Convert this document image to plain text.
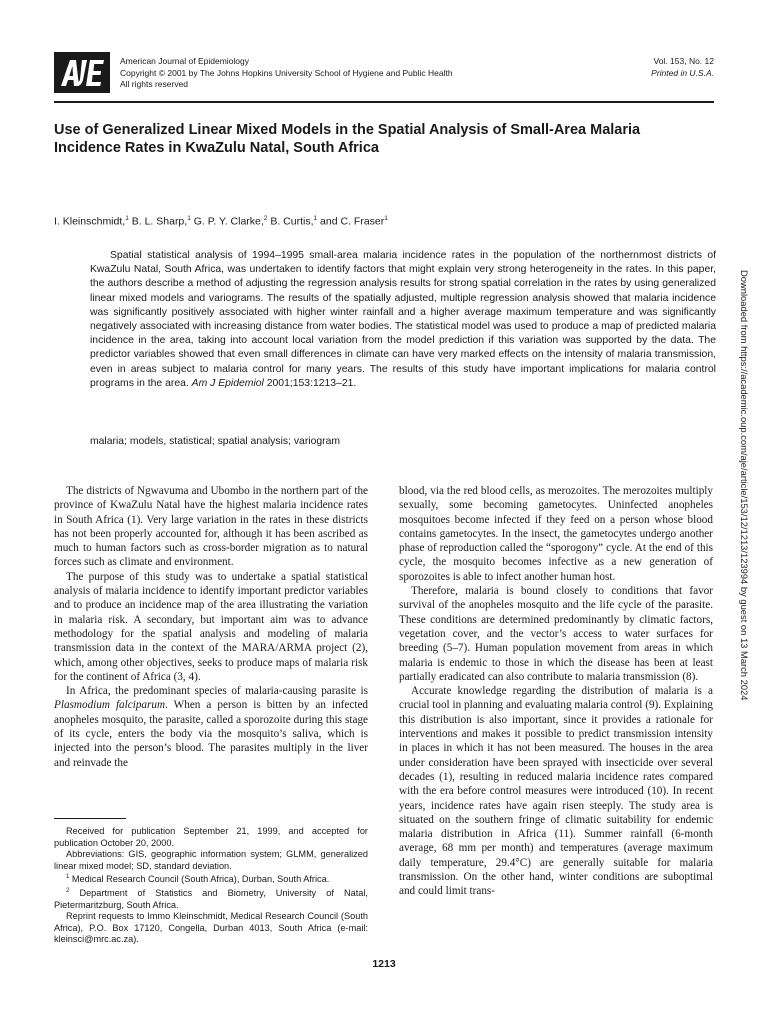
American Journal of Epidemiology
Copyright © 2001 by The Johns Hopkins University School of Hygiene and Public Health
All rights reserved
Vol. 153, No. 12
Printed in U.S.A.
Use of Generalized Linear Mixed Models in the Spatial Analysis of Small-Area Malaria Incidence Rates in KwaZulu Natal, South Africa
I. Kleinschmidt,$^1$ B. L. Sharp,$^1$ G. P. Y. Clarke,$^2$ B. Curtis,$^1$ and C. Fraser$^1$

Spatial statistical analysis of 1994–1995 small-area malaria incidence rates in the population of the northernmost districts of KwaZulu Natal, South Africa, was undertaken to identify factors that might explain very strong heterogeneity in the rates. In this paper, the authors describe a method of adjusting the regression analysis results for strong spatial correlation in the rates by using generalized linear mixed models and variograms. The results of the spatially adjusted, multiple regression analysis showed that malaria incidence was significantly positively associated with higher winter rainfall and a higher average maximum temperature and was significantly negatively associated with increasing distance from water bodies. The statistical model was used to produce a map of predicted malaria incidence in the area, taking into account local variation from the model prediction if this variation was supported by the data. The predictor variables showed that even small differences in climate can have very marked effects on the intensity of malaria transmission, even in areas subject to malaria control for many years. The results of this study have important implications for malaria control programs in the area. Am J Epidemiol 2001;153:1213–21.

malaria; models, statistical; spatial analysis; variogram

The districts of Ngwavuma and Ubombo in the northern part of the province of KwaZulu Natal have the highest malaria incidence rates in South Africa (1). Very large variation in the rates in these districts has not been properly accounted for, although it has been ascribed as much to human factors such as cross-border migration as to natural forces such as climate and environment.

The purpose of this study was to undertake a spatial statistical analysis of malaria incidence to identify important predictor variables and to produce an incidence map of the area illustrating the variation in malaria risk. A secondary, but important aim was to advance methodology for the spatial analysis and modeling of malaria transmission data in the context of the MARA/ARMA project (2), which, among other objectives, seeks to produce maps of malaria risk for the continent of Africa (3, 4).

In Africa, the predominant species of malaria-causing parasite is Plasmodium falciparum. When a person is bitten by an infected anopheles mosquito, the parasite, called a sporozoite during this stage of its cycle, enters the body via the mosquito’s saliva, which is injected into the person’s blood. The parasites multiply in the liver and reinvade the

blood, via the red blood cells, as merozoites. The merozoites multiply sexually, some becoming gametocytes. Uninfected anopheles mosquitoes become infected if they feed on a person whose blood contains gametocytes. In the insect, the gametocytes undergo another phase of reproduction called the “sporogony” cycle. At the end of this cycle, the mosquito becomes infective as a new generation of sporozoites is able to infect another human host.

Therefore, malaria is bound closely to conditions that favor survival of the anopheles mosquito and the life cycle of the parasite. These conditions are determined predominantly by climatic factors, vegetation cover, and the vector’s access to water surfaces for breeding (5–7). Human population movement from areas in which malaria is endemic to those in which the disease has been at least partially eradicated can also contribute to malaria transmission (8).

Accurate knowledge regarding the distribution of malaria is a crucial tool in planning and evaluating malaria control (9). Explaining this distribution is also important, since it provides a rationale for interventions and makes it possible to predict transmission intensity in places in which it has not been measured. The houses in the area under consideration have been sprayed with insecticide over several decades (1), resulting in reduced malaria incidence rates compared with the era before control measures were introduced (10). In recent years, incidence rates have again risen steeply. The study area is situated on the southern fringe of climatic suitability for endemic malaria distribution in Africa (11). Summer rainfall (6-month average, 68 mm per month) and temperatures (average maximum daily temperature, 29.4°C) are generally suitable for malaria transmission. On the other hand, winter conditions are suboptimal and could limit trans-

Received for publication September 21, 1999, and accepted for publication October 20, 2000.

Abbreviations: GIS, geographic information system; GLMM, generalized linear mixed model; SD, standard deviation.

$^1$ Medical Research Council (South Africa), Durban, South Africa.

$^2$ Department of Statistics and Biometry, University of Natal, Pietermaritzburg, South Africa.

Reprint requests to Immo Kleinschmidt, Medical Research Council (South Africa), P.O. Box 17120, Congella, Durban 4013, South Africa (e-mail: kleinsci@mrc.ac.za).

1213
Downloaded from https://academic.oup.com/aje/article/153/12/1213/123994 by guest on 13 March 2024
